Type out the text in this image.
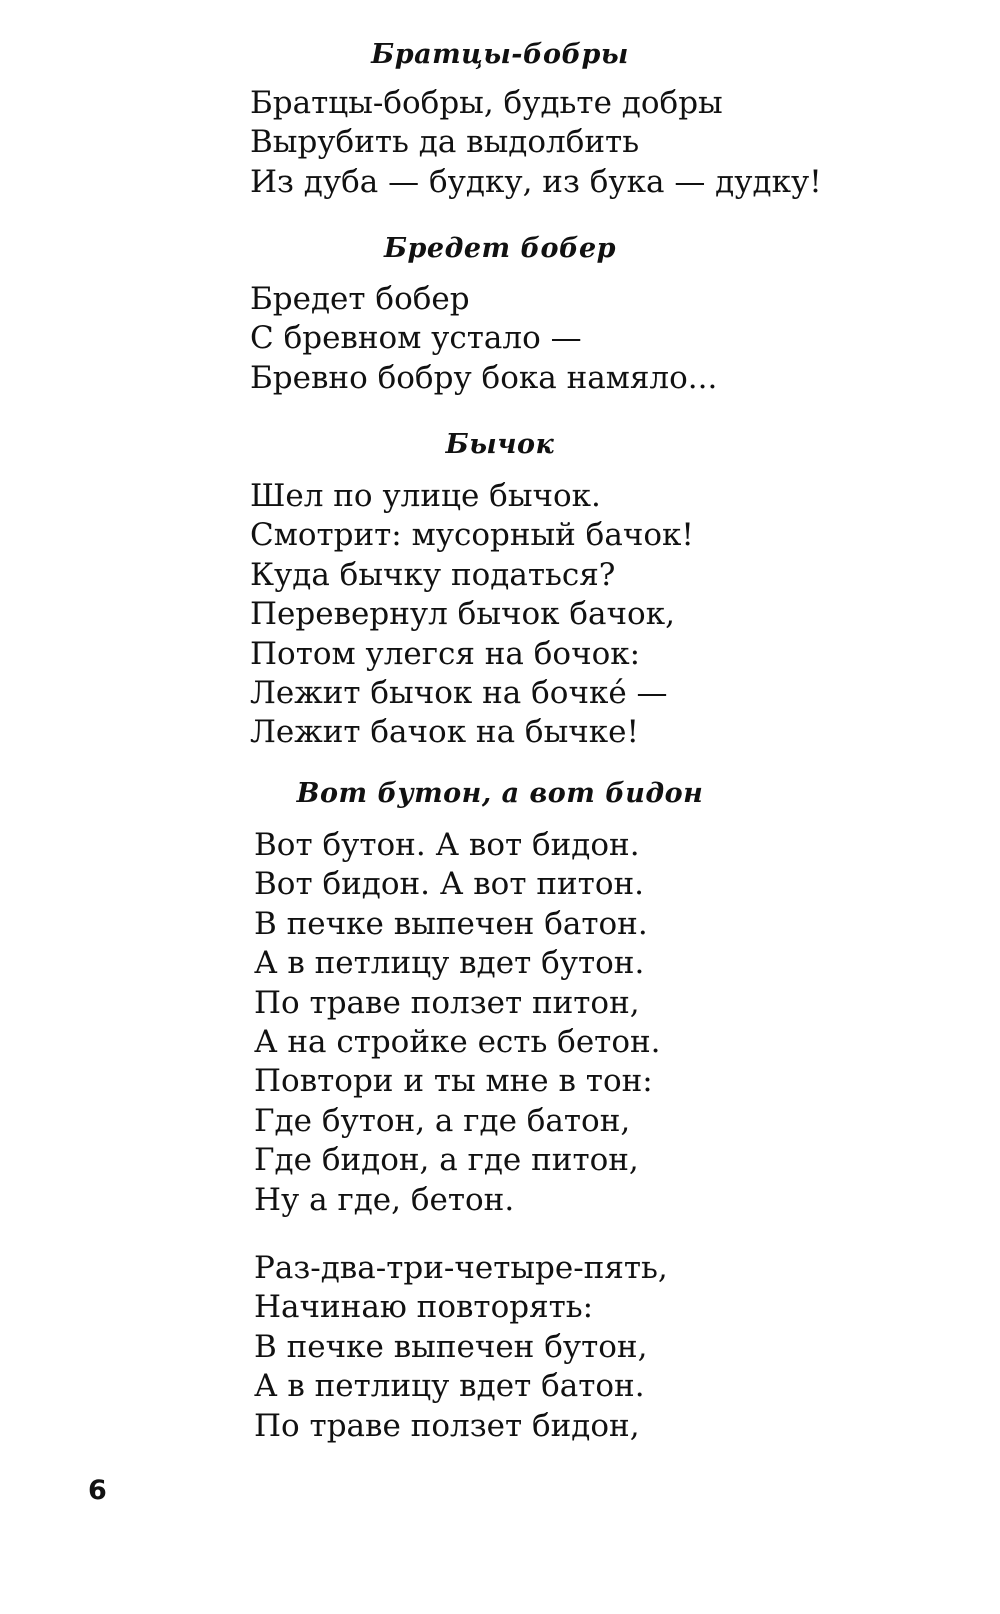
Братцы-бобры
Братцы-бобры, будьте добры
Вырубить да выдолбить
Из дуба — будку, из бука — дудку!
Бредет бобер
Бредет бобер
С бревном устало —
Бревно бобру бока намяло...
Бычок
Шел по улице бычок.
Смотрит: мусорный бачок!
Куда бычку податься?
Перевернул бычок бачок,
Потом улегся на бочок:
Лежит бычок на бочке́ —
Лежит бачок на бычке!
Вот бутон, а вот бидон
Вот бутон. А вот бидон.
Вот бидон. А вот питон.
В печке выпечен батон.
А в петлицу вдет бутон.
По траве ползет питон,
А на стройке есть бетон.
Повтори и ты мне в тон:
Где бутон, а где батон,
Где бидон, а где питон,
Ну а где, бетон.
Раз-два-три-четыре-пять,
Начинаю повторять:
В печке выпечен бутон,
А в петлицу вдет батон.
По траве ползет бидон,
6
